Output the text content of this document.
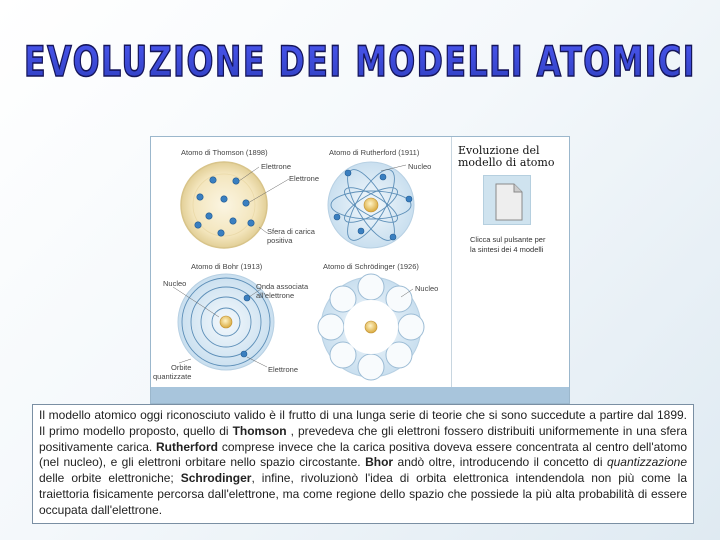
EVOLUZIONE DEI MODELLI ATOMICI
Atomo di Thomson (1898)
Elettrone
Elettrone
Sfera di carica
positiva
Atomo di Rutherford (1911)
Nucleo
Atomo di Bohr (1913)
Nucleo	Onda associata
all'elettrone
Orbite
quantizzate
Elettrone
Atomo di Schrödinger (1926)
Nucleo
Evoluzione del
modello di atomo
Clicca sul pulsante per
la sintesi dei 4 modelli
Il modello atomico oggi riconosciuto valido è il frutto di una lunga serie di teorie che si sono succedute a partire dal 1899. Il primo modello proposto, quello di Thomson , prevedeva che gli elettroni fossero distribuiti uniformemente in una sfera positivamente carica. Rutherford comprese invece che la carica positiva doveva essere concentrata al centro dell'atomo (nel nucleo), e gli elettroni orbitare nello spazio circostante. Bhor andò oltre, introducendo il concetto di quantizzazione delle orbite elettroniche; Schrodinger, infine, rivoluzionò l'idea di orbita elettronica intendendola non più come la traiettoria fisicamente percorsa dall'elettrone, ma come regione dello spazio che possiede la più alta probabilità di essere occupata dall'elettrone.
